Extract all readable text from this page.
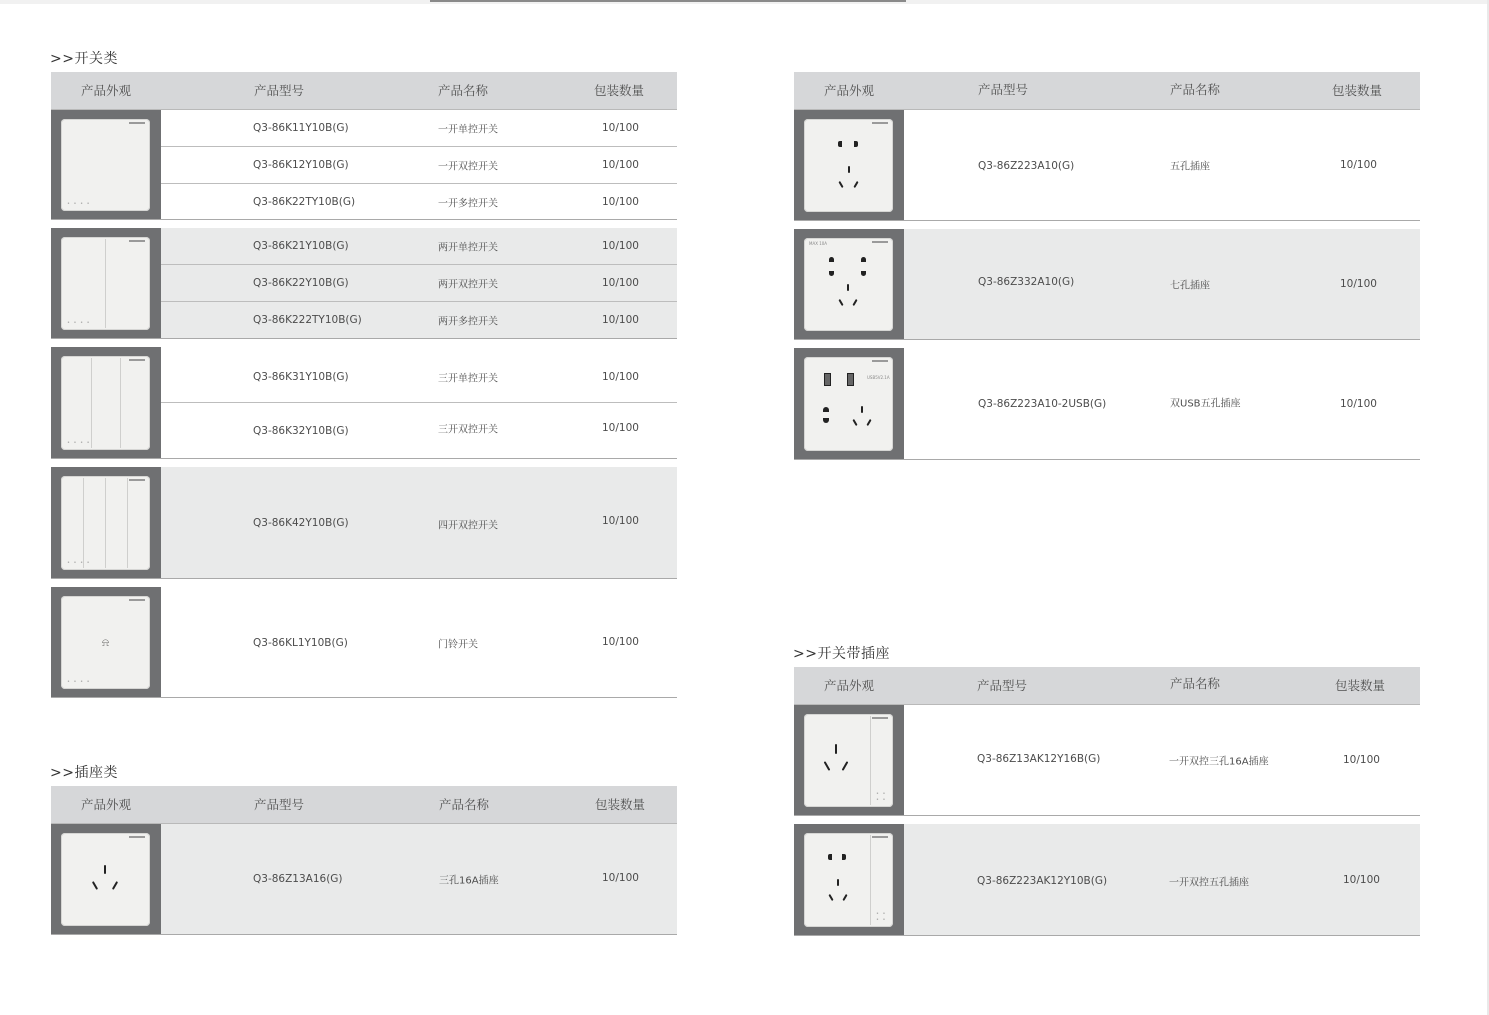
>>开关类
产品外观	产品型号	产品名称	包装数量
• • • •
Q3-86K11Y10B(G)	一开单控开关	10/100
Q3-86K12Y10B(G)	一开双控开关	10/100
Q3-86K22TY10B(G)	一开多控开关	10/100
• • • •
Q3-86K21Y10B(G)	两开单控开关	10/100
Q3-86K22Y10B(G)	两开双控开关	10/100
Q3-86K222TY10B(G)	两开多控开关	10/100
• • • •
Q3-86K31Y10B(G)	三开单控开关	10/100
Q3-86K32Y10B(G)	三开双控开关	10/100
• • • •
Q3-86K42Y10B(G)	四开双控开关	10/100
⍾
• • • •
Q3-86KL1Y10B(G)	门铃开关	10/100
>>插座类
产品外观	产品型号	产品名称	包装数量
Q3-86Z13A16(G)	三孔16A插座	10/100
产品外观	产品型号	产品名称	包装数量
Q3-86Z223A10(G)	五孔插座	10/100
MAX 10A
Q3-86Z332A10(G)	七孔插座	10/100
USB5V2.1A
Q3-86Z223A10-2USB(G)	双USB五孔插座	10/100
>>开关带插座
产品外观	产品型号	产品名称	包装数量
• • • •
Q3-86Z13AK12Y16B(G)	一开双控三孔16A插座	10/100
• • • •
Q3-86Z223AK12Y10B(G)	一开双控五孔插座	10/100
